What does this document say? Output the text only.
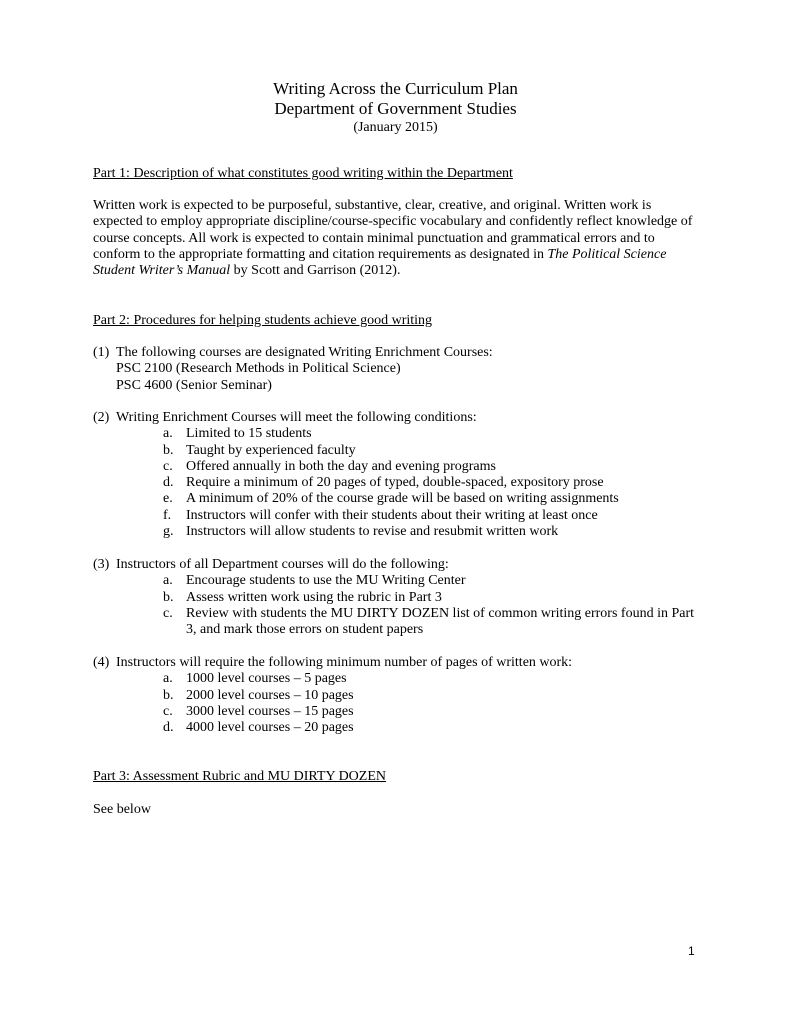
Writing Across the Curriculum Plan
Department of Government Studies
(January 2015)
Part 1: Description of what constitutes good writing within the Department

Written work is expected to be purposeful, substantive, clear, creative, and original. Written work is expected to employ appropriate discipline/course-specific vocabulary and confidently reflect knowledge of course concepts. All work is expected to contain minimal punctuation and grammatical errors and to conform to the appropriate formatting and citation requirements as designated in The Political Science Student Writer’s Manual by Scott and Garrison (2012).

Part 2: Procedures for helping students achieve good writing
(1) The following courses are designated Writing Enrichment Courses:
PSC 2100 (Research Methods in Political Science)
PSC 4600 (Senior Seminar)
(2) Writing Enrichment Courses will meet the following conditions:
a. Limited to 15 students
b. Taught by experienced faculty
c. Offered annually in both the day and evening programs
d. Require a minimum of 20 pages of typed, double-spaced, expository prose
e. A minimum of 20% of the course grade will be based on writing assignments
f. Instructors will confer with their students about their writing at least once
g. Instructors will allow students to revise and resubmit written work
(3) Instructors of all Department courses will do the following:
a. Encourage students to use the MU Writing Center
b. Assess written work using the rubric in Part 3
c. Review with students the MU DIRTY DOZEN list of common writing errors found in Part 3, and mark those errors on student papers
(4) Instructors will require the following minimum number of pages of written work:
a. 1000 level courses – 5 pages
b. 2000 level courses – 10 pages
c. 3000 level courses – 15 pages
d. 4000 level courses – 20 pages
Part 3: Assessment Rubric and MU DIRTY DOZEN
See below
1
